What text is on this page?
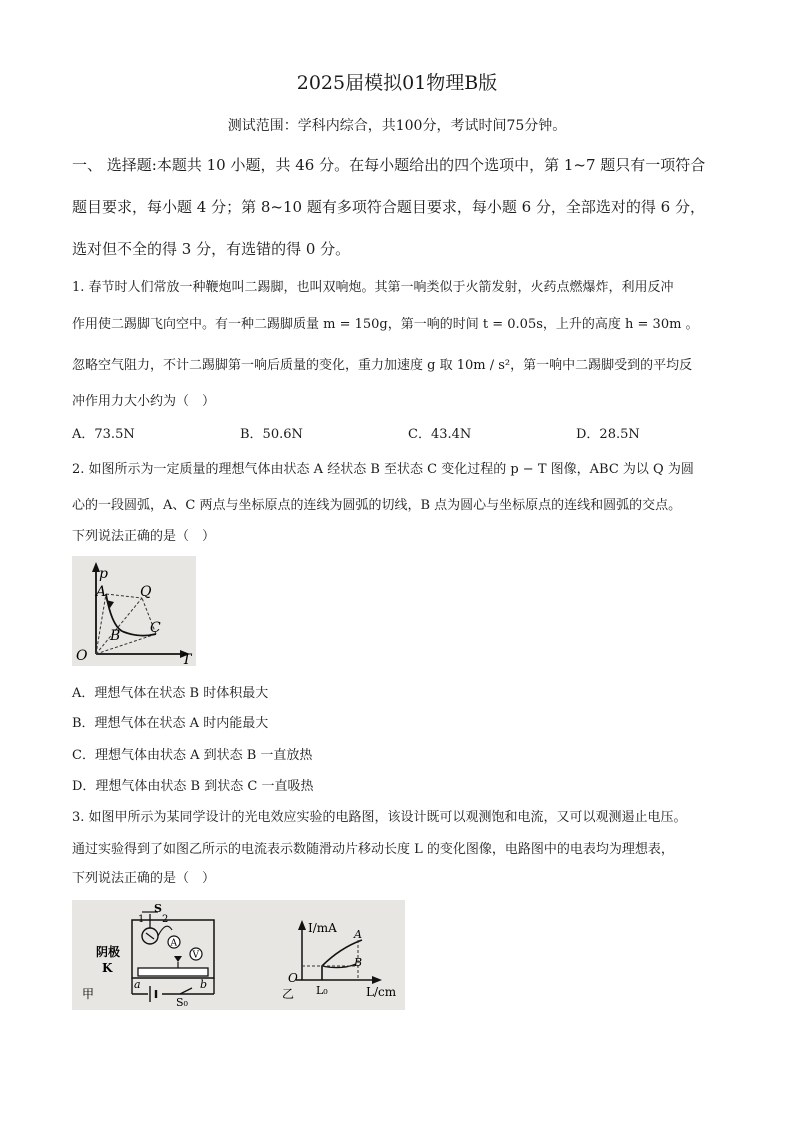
2025届模拟01物理B版
测试范围：学科内综合，共100分，考试时间75分钟。
一、 选择题:本题共 10 小题，共 46 分。在每小题给出的四个选项中，第 1~7 题只有一项符合
题目要求，每小题 4 分；第 8~10 题有多项符合题目要求，每小题 6 分，全部选对的得 6 分，
选对但不全的得 3 分，有选错的得 0 分。
1. 春节时人们常放一种鞭炮叫二踢脚，也叫双响炮。其第一响类似于火箭发射，火药点燃爆炸，利用反冲
作用使二踢脚飞向空中。有一种二踢脚质量 m = 150g，第一响的时间 t = 0.05s，上升的高度 h = 30m 。
忽略空气阻力，不计二踢脚第一响后质量的变化，重力加速度 g 取 10m / s²，第一响中二踢脚受到的平均反
冲作用力大小约为（　）
A．73.5N	B．50.6N	C．43.4N	D．28.5N
2. 如图所示为一定质量的理想气体由状态 A 经状态 B 至状态 C 变化过程的 p − T 图像，ABC 为以 Q 为圆
心的一段圆弧，A、C 两点与坐标原点的连线为圆弧的切线，B 点为圆心与坐标原点的连线和圆弧的交点。
下列说法正确的是（　）
p
T
O
A Q
B C
A．理想气体在状态 B 时体积最大
B．理想气体在状态 A 时内能最大
C．理想气体由状态 A 到状态 B 一直放热
D．理想气体由状态 B 到状态 C 一直吸热
3. 如图甲所示为某同学设计的光电效应实验的电路图，该设计既可以观测饱和电流，又可以观测遏止电压。
通过实验得到了如图乙所示的电流表示数随滑动片移动长度 L 的变化图像，电路图中的电表均为理想表，
下列说法正确的是（　）
A
V
S
1 2
阴极
K
a	b
S₀
甲
I/mA
L/cm
O
A
B
L₀
乙
